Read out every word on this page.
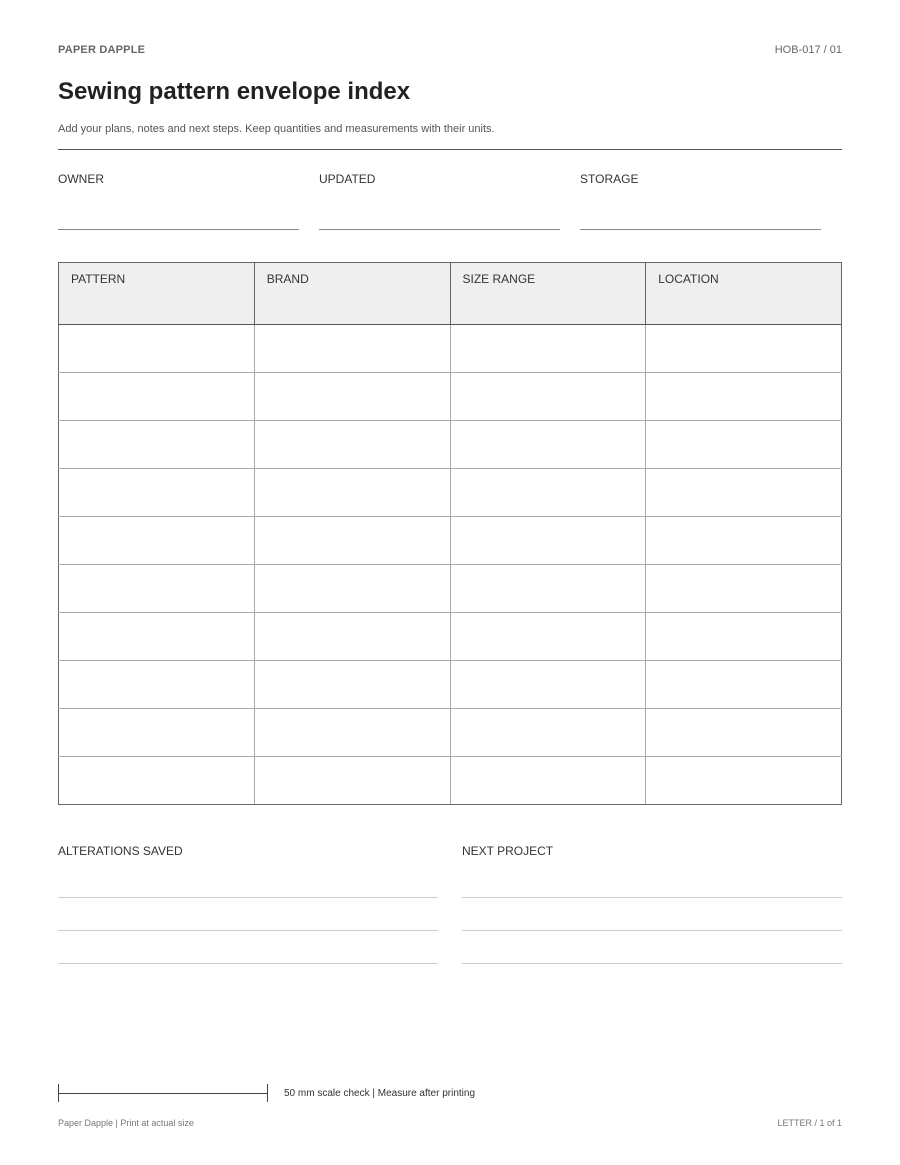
PAPER DAPPLE	HOB-017 / 01
Sewing pattern envelope index
Add your plans, notes and next steps. Keep quantities and measurements with their units.
OWNER	UPDATED	STORAGE
PATTERN	BRAND	SIZE RANGE	LOCATION

ALTERATIONS SAVED	NEXT PROJECT
50 mm scale check | Measure after printing
Paper Dapple | Print at actual size	LETTER / 1 of 1
